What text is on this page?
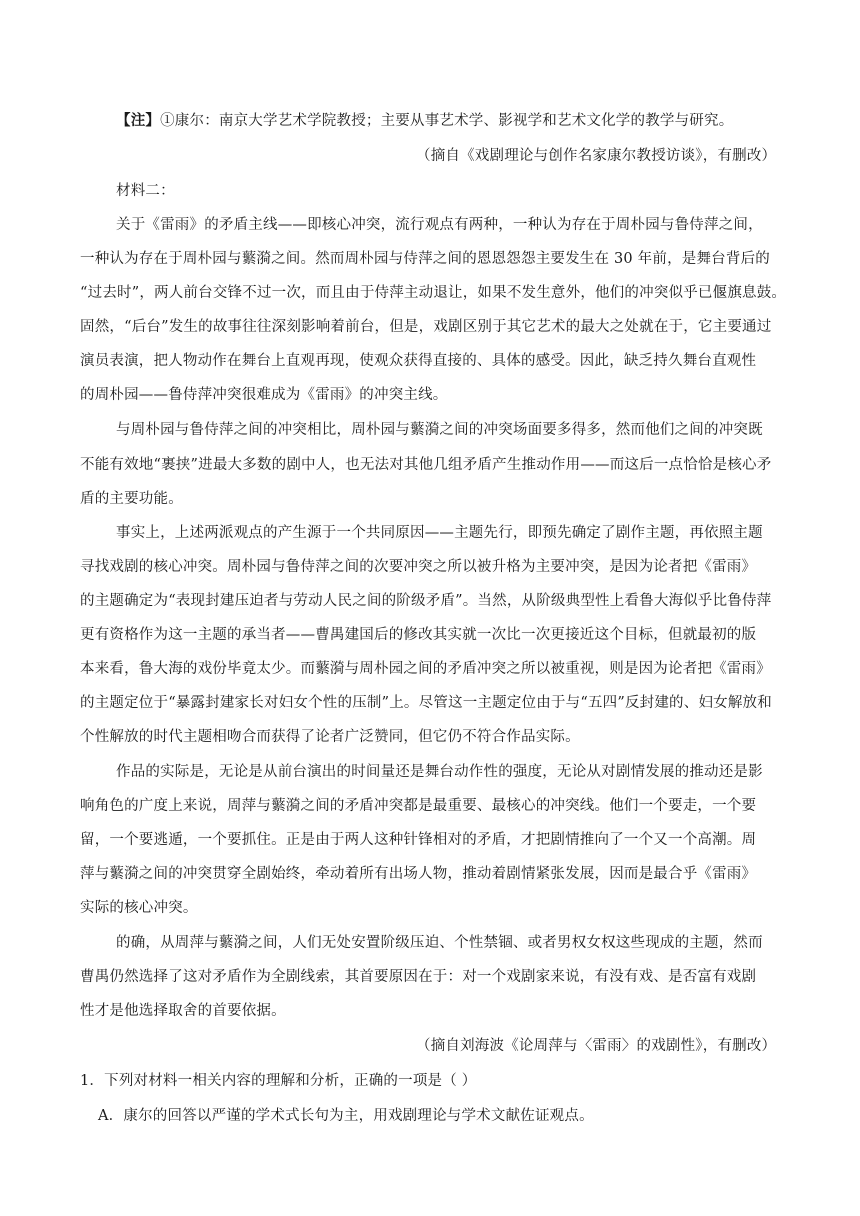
【注】①康尔：南京大学艺术学院教授；主要从事艺术学、影视学和艺术文化学的教学与研究。
（摘自《戏剧理论与创作名家康尔教授访谈》，有删改）
材料二：
关于《雷雨》的矛盾主线——即核心冲突，流行观点有两种，一种认为存在于周朴园与鲁侍萍之间，
一种认为存在于周朴园与蘩漪之间。然而周朴园与侍萍之间的恩恩怨怨主要发生在 30 年前，是舞台背后的
“过去时”，两人前台交锋不过一次，而且由于侍萍主动退让，如果不发生意外，他们的冲突似乎已偃旗息鼓。
固然，“后台”发生的故事往往深刻影响着前台，但是，戏剧区别于其它艺术的最大之处就在于，它主要通过
演员表演，把人物动作在舞台上直观再现，使观众获得直接的、具体的感受。因此，缺乏持久舞台直观性
的周朴园——鲁侍萍冲突很难成为《雷雨》的冲突主线。
与周朴园与鲁侍萍之间的冲突相比，周朴园与蘩漪之间的冲突场面要多得多，然而他们之间的冲突既
不能有效地“裹挟”进最大多数的剧中人，也无法对其他几组矛盾产生推动作用——而这后一点恰恰是核心矛
盾的主要功能。
事实上，上述两派观点的产生源于一个共同原因——主题先行，即预先确定了剧作主题，再依照主题
寻找戏剧的核心冲突。周朴园与鲁侍萍之间的次要冲突之所以被升格为主要冲突，是因为论者把《雷雨》
的主题确定为“表现封建压迫者与劳动人民之间的阶级矛盾”。当然，从阶级典型性上看鲁大海似乎比鲁侍萍
更有资格作为这一主题的承当者——曹禺建国后的修改其实就一次比一次更接近这个目标，但就最初的版
本来看，鲁大海的戏份毕竟太少。而蘩漪与周朴园之间的矛盾冲突之所以被重视，则是因为论者把《雷雨》
的主题定位于“暴露封建家长对妇女个性的压制”上。尽管这一主题定位由于与“五四”反封建的、妇女解放和
个性解放的时代主题相吻合而获得了论者广泛赞同，但它仍不符合作品实际。
作品的实际是，无论是从前台演出的时间量还是舞台动作性的强度，无论从对剧情发展的推动还是影
响角色的广度上来说，周萍与蘩漪之间的矛盾冲突都是最重要、最核心的冲突线。他们一个要走，一个要
留，一个要逃遁，一个要抓住。正是由于两人这种针锋相对的矛盾，才把剧情推向了一个又一个高潮。周
萍与蘩漪之间的冲突贯穿全剧始终，牵动着所有出场人物，推动着剧情紧张发展，因而是最合乎《雷雨》
实际的核心冲突。
的确，从周萍与蘩漪之间，人们无处安置阶级压迫、个性禁锢、或者男权女权这些现成的主题，然而
曹禺仍然选择了这对矛盾作为全剧线索，其首要原因在于：对一个戏剧家来说，有没有戏、是否富有戏剧
性才是他选择取舍的首要依据。
（摘自刘海波《论周萍与〈雷雨〉的戏剧性》，有删改）
1．下列对材料一相关内容的理解和分析，正确的一项是（ ）
A．康尔的回答以严谨的学术式长句为主，用戏剧理论与学术文献佐证观点。
